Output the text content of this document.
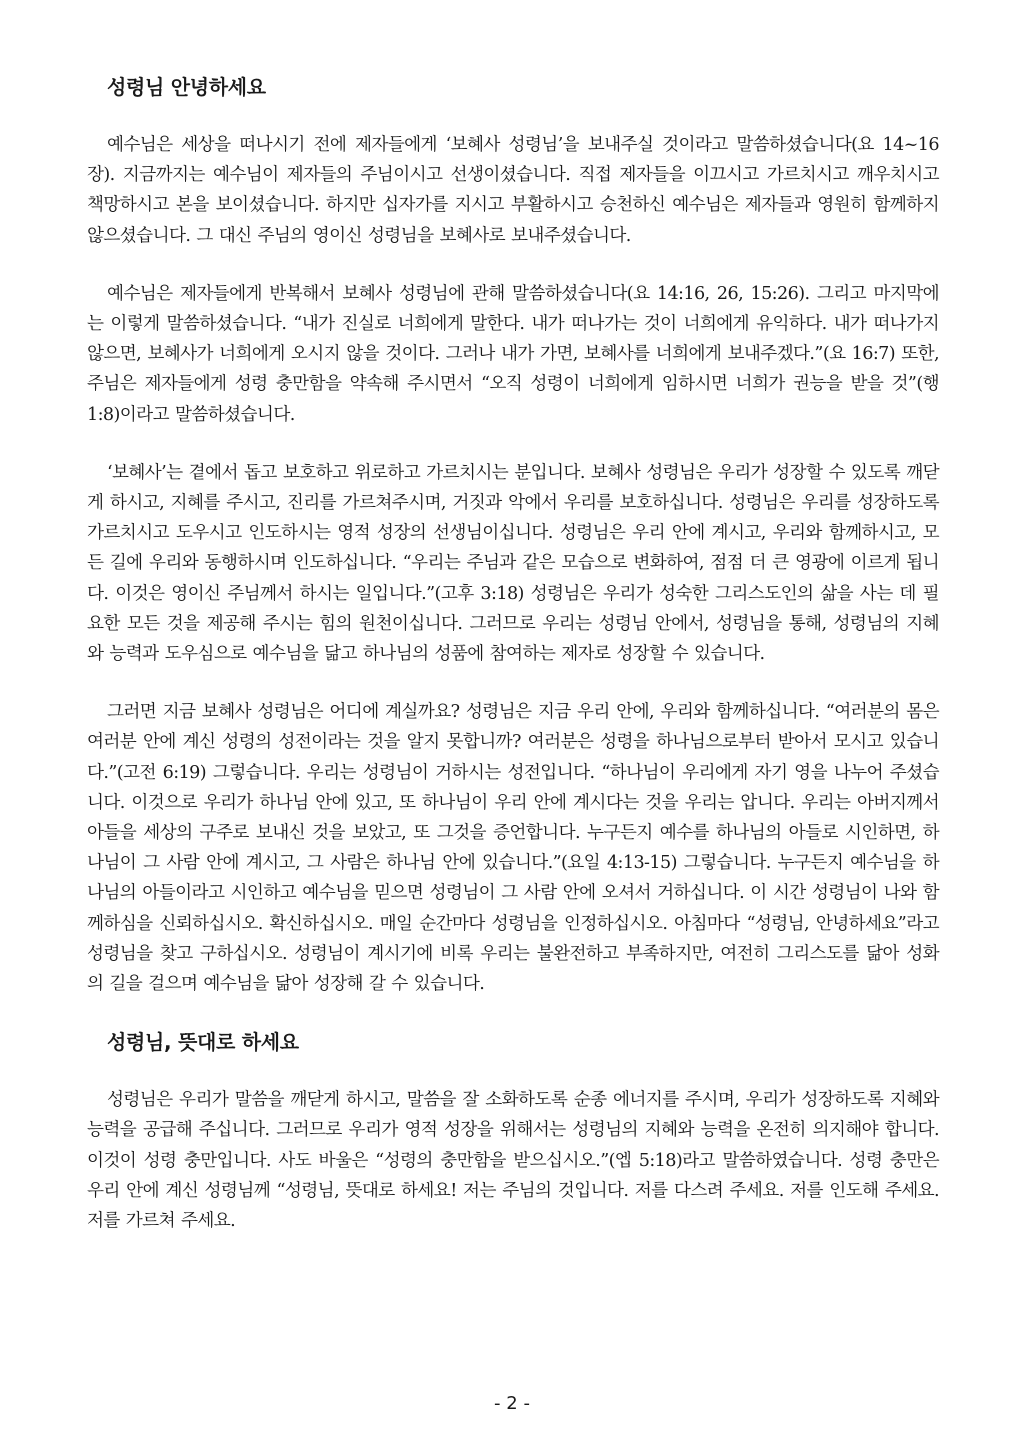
성령님 안녕하세요

예수님은 세상을 떠나시기 전에 제자들에게 ‘보혜사 성령님’을 보내주실 것이라고 말씀하셨습니다(요 14~16장). 지금까지는 예수님이 제자들의 주님이시고 선생이셨습니다. 직접 제자들을 이끄시고 가르치시고 깨우치시고 책망하시고 본을 보이셨습니다. 하지만 십자가를 지시고 부활하시고 승천하신 예수님은 제자들과 영원히 함께하지 않으셨습니다. 그 대신 주님의 영이신 성령님을 보혜사로 보내주셨습니다.

예수님은 제자들에게 반복해서 보혜사 성령님에 관해 말씀하셨습니다(요 14:16, 26, 15:26). 그리고 마지막에는 이렇게 말씀하셨습니다. “내가 진실로 너희에게 말한다. 내가 떠나가는 것이 너희에게 유익하다. 내가 떠나가지 않으면, 보혜사가 너희에게 오시지 않을 것이다. 그러나 내가 가면, 보혜사를 너희에게 보내주겠다.”(요 16:7) 또한, 주님은 제자들에게 성령 충만함을 약속해 주시면서 “오직 성령이 너희에게 임하시면 너희가 권능을 받을 것”(행 1:8)이라고 말씀하셨습니다.

‘보혜사’는 곁에서 돕고 보호하고 위로하고 가르치시는 분입니다. 보혜사 성령님은 우리가 성장할 수 있도록 깨닫게 하시고, 지혜를 주시고, 진리를 가르쳐주시며, 거짓과 악에서 우리를 보호하십니다. 성령님은 우리를 성장하도록 가르치시고 도우시고 인도하시는 영적 성장의 선생님이십니다. 성령님은 우리 안에 계시고, 우리와 함께하시고, 모든 길에 우리와 동행하시며 인도하십니다. “우리는 주님과 같은 모습으로 변화하여, 점점 더 큰 영광에 이르게 됩니다. 이것은 영이신 주님께서 하시는 일입니다.”(고후 3:18) 성령님은 우리가 성숙한 그리스도인의 삶을 사는 데 필요한 모든 것을 제공해 주시는 힘의 원천이십니다. 그러므로 우리는 성령님 안에서, 성령님을 통해, 성령님의 지혜와 능력과 도우심으로 예수님을 닮고 하나님의 성품에 참여하는 제자로 성장할 수 있습니다.

그러면 지금 보혜사 성령님은 어디에 계실까요? 성령님은 지금 우리 안에, 우리와 함께하십니다. “여러분의 몸은 여러분 안에 계신 성령의 성전이라는 것을 알지 못합니까? 여러분은 성령을 하나님으로부터 받아서 모시고 있습니다.”(고전 6:19) 그렇습니다. 우리는 성령님이 거하시는 성전입니다. “하나님이 우리에게 자기 영을 나누어 주셨습니다. 이것으로 우리가 하나님 안에 있고, 또 하나님이 우리 안에 계시다는 것을 우리는 압니다. 우리는 아버지께서 아들을 세상의 구주로 보내신 것을 보았고, 또 그것을 증언합니다. 누구든지 예수를 하나님의 아들로 시인하면, 하나님이 그 사람 안에 계시고, 그 사람은 하나님 안에 있습니다.”(요일 4:13-15) 그렇습니다. 누구든지 예수님을 하나님의 아들이라고 시인하고 예수님을 믿으면 성령님이 그 사람 안에 오셔서 거하십니다. 이 시간 성령님이 나와 함께하심을 신뢰하십시오. 확신하십시오. 매일 순간마다 성령님을 인정하십시오. 아침마다 “성령님, 안녕하세요”라고 성령님을 찾고 구하십시오. 성령님이 계시기에 비록 우리는 불완전하고 부족하지만, 여전히 그리스도를 닮아 성화의 길을 걸으며 예수님을 닮아 성장해 갈 수 있습니다.

성령님, 뜻대로 하세요

성령님은 우리가 말씀을 깨닫게 하시고, 말씀을 잘 소화하도록 순종 에너지를 주시며, 우리가 성장하도록 지혜와 능력을 공급해 주십니다. 그러므로 우리가 영적 성장을 위해서는 성령님의 지혜와 능력을 온전히 의지해야 합니다. 이것이 성령 충만입니다. 사도 바울은 “성령의 충만함을 받으십시오.”(엡 5:18)라고 말씀하였습니다. 성령 충만은 우리 안에 계신 성령님께 “성령님, 뜻대로 하세요! 저는 주님의 것입니다. 저를 다스려 주세요. 저를 인도해 주세요. 저를 가르쳐 주세요.

- 2 -
